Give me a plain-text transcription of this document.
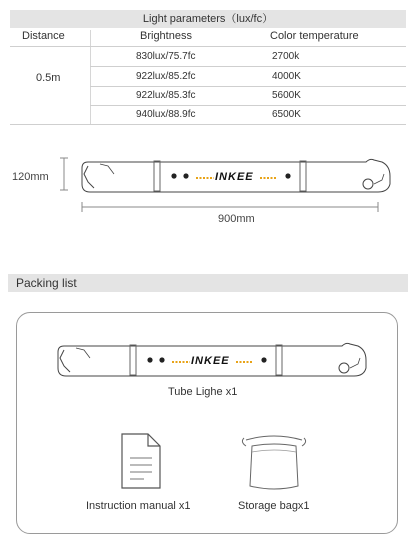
Light parameters（lux/fc）
Distance	Brightness	Color temperature
0.5m
830lux/75.7fc	2700k
922lux/85.2fc	4000K
922lux/85.3fc	5600K
940lux/88.9fc	6500K
120mm	INKEE
900mm
Packing list
INKEE
Tube Lighe x1
Instruction manual x1	Storage bagx1
